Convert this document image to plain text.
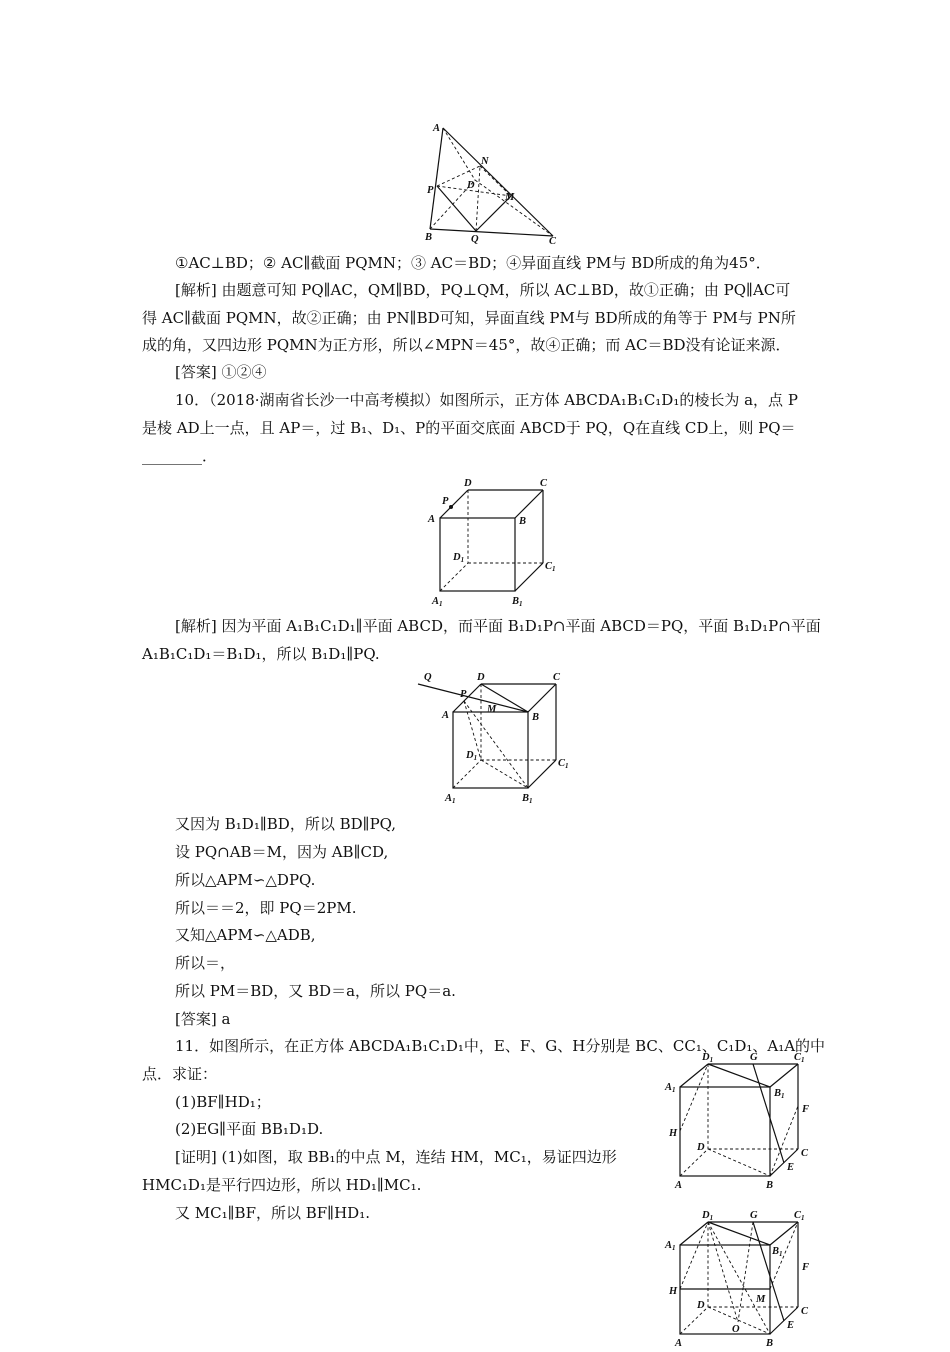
A
N
D
P
M
B	Q	C
①AC⊥BD；② AC∥截面 PQMN；③ AC＝BD；④异面直线 PM与 BD所成的角为45°．
[解析] 由题意可知 PQ∥AC，QM∥BD，PQ⊥QM，所以 AC⊥BD，故①正确；由 PQ∥AC可
得 AC∥截面 PQMN，故②正确；由 PN∥BD可知，异面直线 PM与 BD所成的角等于 PM与 PN所
成的角，又四边形 PQMN为正方形，所以∠MPN＝45°，故④正确；而 AC＝BD没有论证来源．
[答案] ①②④
10．（2018·湖南省长沙一中高考模拟）如图所示，正方体 ABCDA₁B₁C₁D₁的棱长为 a，点 P
是棱 AD上一点，且 AP＝，过 B₁、D₁、P的平面交底面 ABCD于 PQ，Q在直线 CD上，则 PQ＝
________．
D	C
P
A	B
D1
C1
A1	B1
[解析] 因为平面 A₁B₁C₁D₁∥平面 ABCD，而平面 B₁D₁P∩平面 ABCD＝PQ，平面 B₁D₁P∩平面
A₁B₁C₁D₁＝B₁D₁，所以 B₁D₁∥PQ.
Q	D	C
P
M
A	B
D1	C1
A1	B1
又因为 B₁D₁∥BD，所以 BD∥PQ,
设 PQ∩AB＝M，因为 AB∥CD,
所以△APM∽△DPQ.
所以＝＝2，即 PQ＝2PM.
又知△APM∽△ADB,
所以＝，
所以 PM＝BD，又 BD＝a，所以 PQ＝a.
[答案] a
11．如图所示，在正方体 ABCDA₁B₁C₁D₁中，E、F、G、H分别是 BC、CC₁、C₁D₁、A₁A的中
点．求证：
(1)BF∥HD₁；
(2)EG∥平面 BB₁D₁D.
[证明] (1)如图，取 BB₁的中点 M，连结 HM，MC₁，易证四边形
HMC₁D₁是平行四边形，所以 HD₁∥MC₁.
又 MC₁∥BF，所以 BF∥HD₁.
D1	G	C1
A1	B1
F
H
D
C
E
A	B
D1	G	C1
A1	B1
F
H
M
D
C
E
O
A	B
